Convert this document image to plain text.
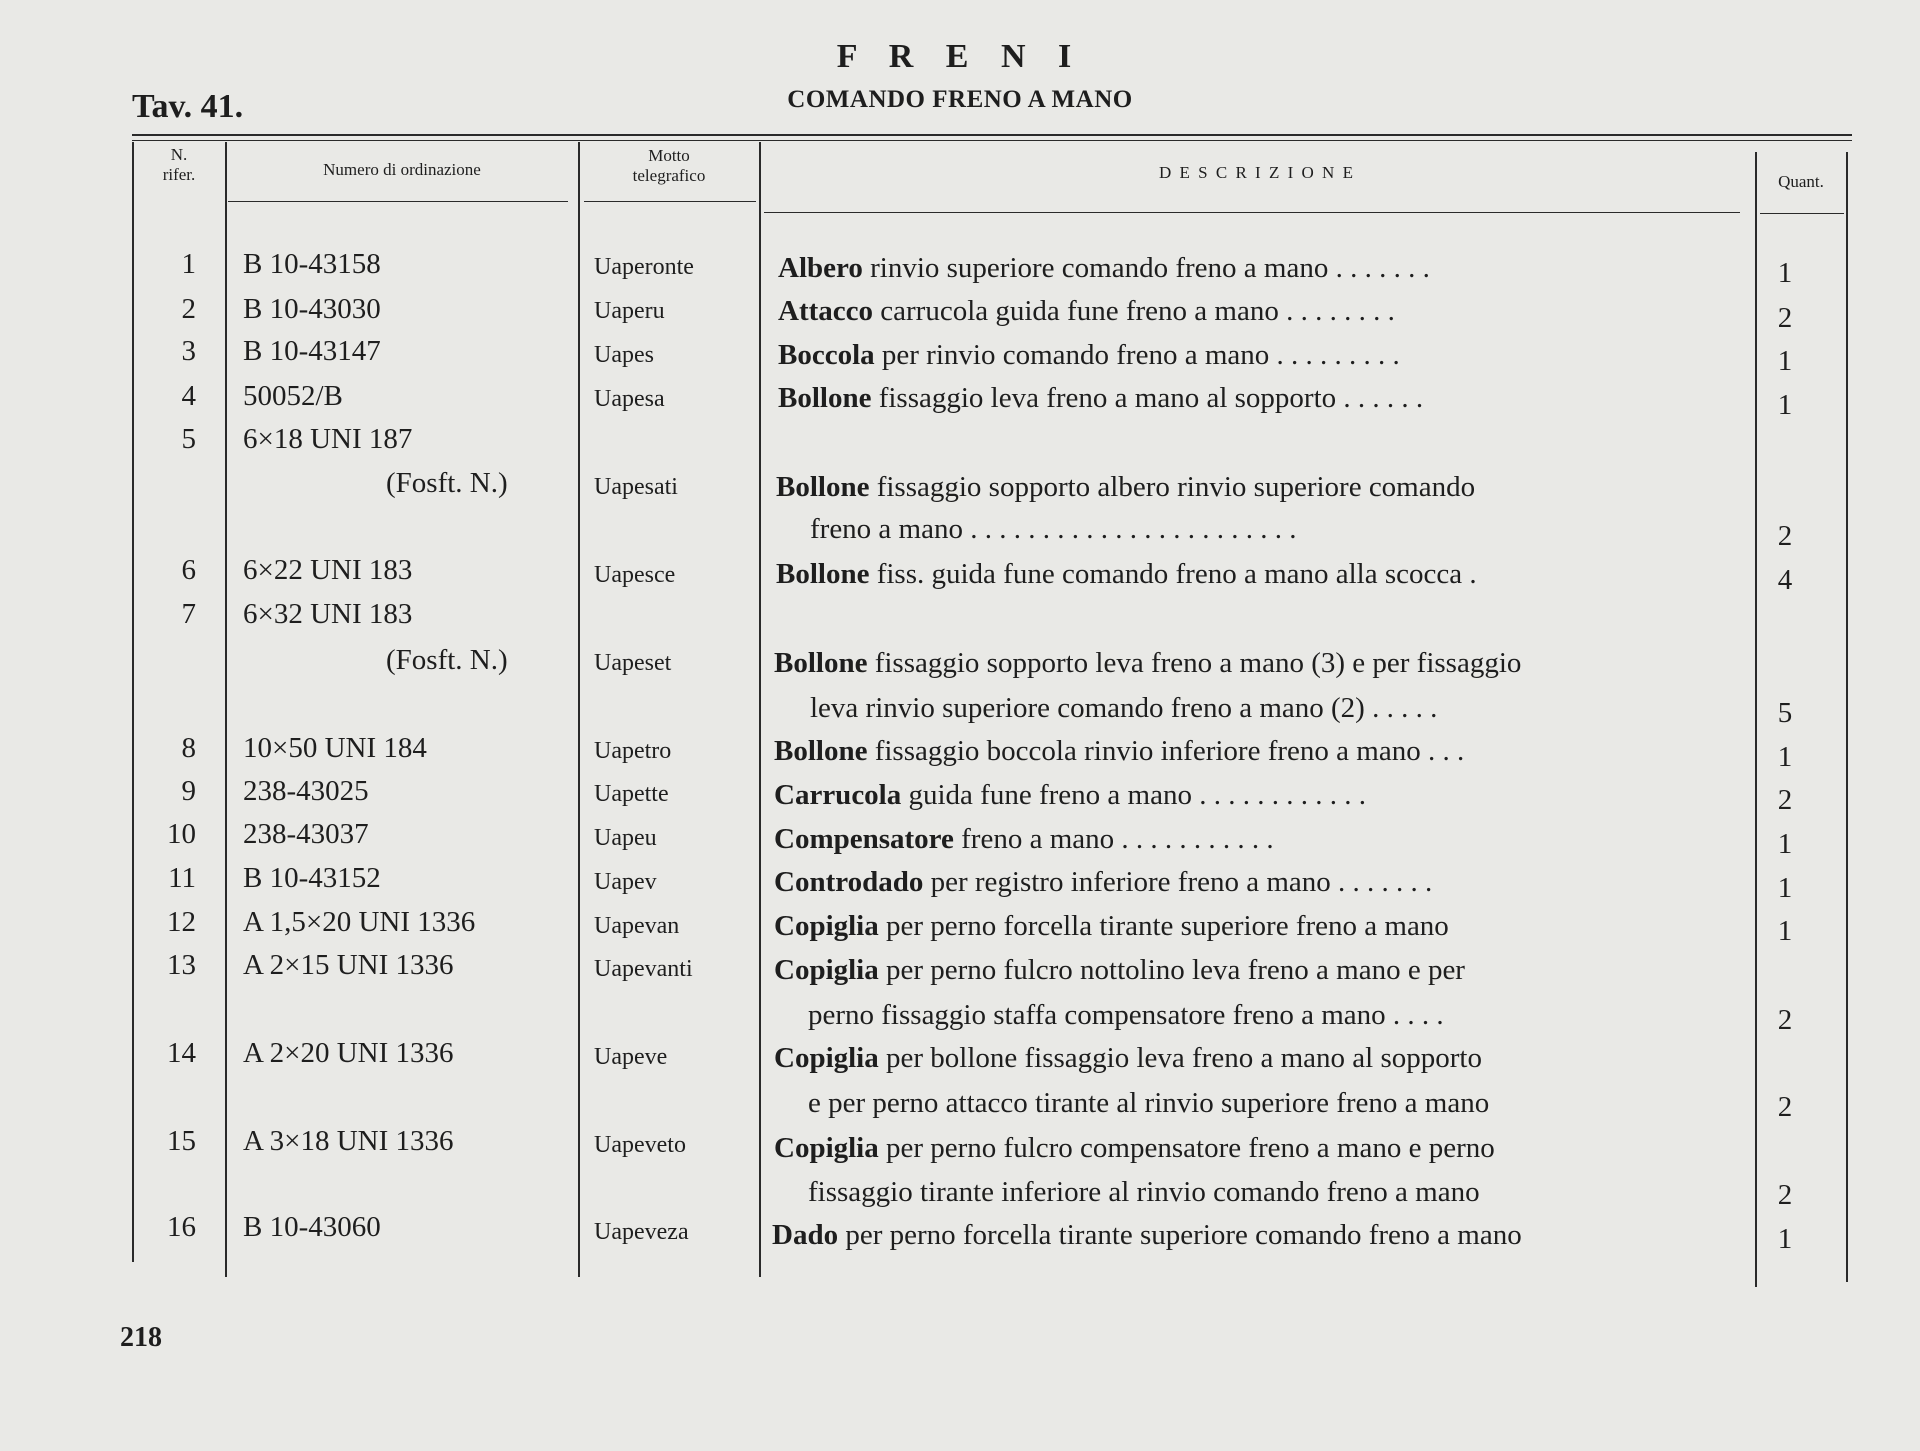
Tav. 41.
F R E N I
COMANDO FRENO A MANO
N.
rifer.	Numero di ordinazione
Motto
telegrafico	D E S C R I Z I O N E	Quant.
1 B 10-43158	Uaperonte	Albero rinvio superiore comando freno a mano . . . . . . .	1
2 B 10-43030	Uaperu	Attacco carrucola guida fune freno a mano . . . . . . . .	2
3 B 10-43147	Uapes	Boccola per rinvio comando freno a mano . . . . . . . . .	1
4 50052/B	Uapesa	Bollone fissaggio leva freno a mano al sopporto . . . . . .	1
5 6×18 UNI 187
(Fosft. N.)	Uapesati	Bollone fissaggio sopporto albero rinvio superiore comando
freno a mano . . . . . . . . . . . . . . . . . . . . . . .	2
6 6×22 UNI 183	Uapesce	Bollone fiss. guida fune comando freno a mano alla scocca .	4
7 6×32 UNI 183
(Fosft. N.)	Uapeset	Bollone fissaggio sopporto leva freno a mano (3) e per fissaggio
leva rinvio superiore comando freno a mano (2) . . . . .	5
8 10×50 UNI 184	Uapetro	Bollone fissaggio boccola rinvio inferiore freno a mano . . .	1
9 238-43025	Uapette	Carrucola guida fune freno a mano . . . . . . . . . . . .	2
10 238-43037	Uapeu	Compensatore freno a mano . . . . . . . . . . .	1
11 B 10-43152	Uapev	Controdado per registro inferiore freno a mano . . . . . . .	1
12 A 1,5×20 UNI 1336	Uapevan	Copiglia per perno forcella tirante superiore freno a mano	1
13 A 2×15 UNI 1336	Uapevanti	Copiglia per perno fulcro nottolino leva freno a mano e per
perno fissaggio staffa compensatore freno a mano . . . .	2
14 A 2×20 UNI 1336	Uapeve	Copiglia per bollone fissaggio leva freno a mano al sopporto
e per perno attacco tirante al rinvio superiore freno a mano	2
15 A 3×18 UNI 1336	Uapeveto	Copiglia per perno fulcro compensatore freno a mano e perno
fissaggio tirante inferiore al rinvio comando freno a mano	2
16 B 10-43060	Uapeveza	Dado per perno forcella tirante superiore comando freno a mano	1
218
